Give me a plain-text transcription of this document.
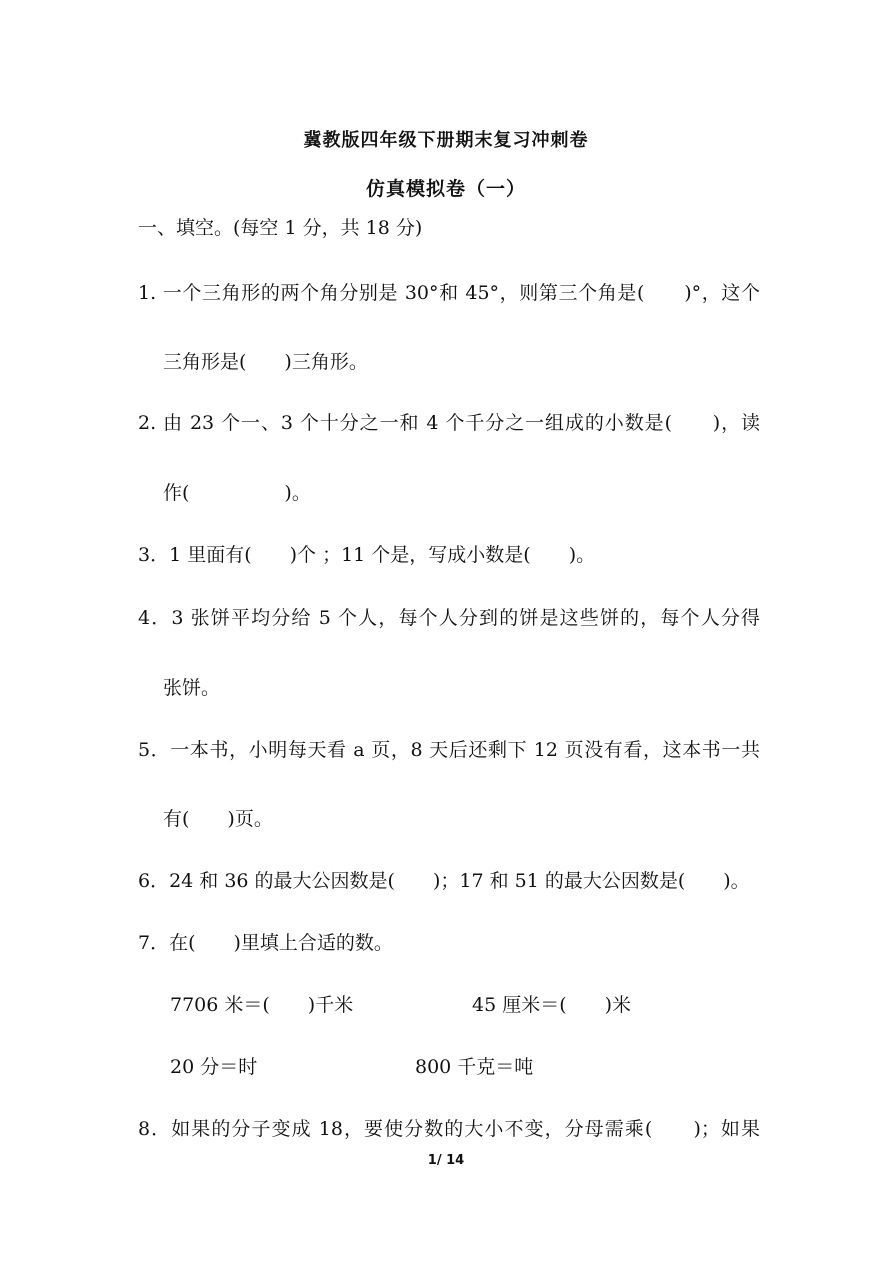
冀教版四年级下册期末复习冲刺卷
仿真模拟卷（一）
一、填空。(每空 1 分，共 18 分)
1. 一个三角形的两个角分别是 30°和 45°，则第三个角是(　　)°，这个
三角形是(　　)三角形。
2. 由 23 个一、3 个十分之一和 4 个千分之一组成的小数是(　　)，读
作(　　　　　)。
3．1 里面有(　　)个 ；11 个是，写成小数是(　　)。
4．3 张饼平均分给 5 个人，每个人分到的饼是这些饼的，每个人分得
张饼。
5．一本书，小明每天看 a 页，8 天后还剩下 12 页没有看，这本书一共
有(　　)页。
6．24 和 36 的最大公因数是(　　)；17 和 51 的最大公因数是(　　)。
7．在(　　)里填上合适的数。
7706 米＝(　　)千米	45 厘米＝(　　)米
20 分＝时	800 千克＝吨
8．如果的分子变成 18，要使分数的大小不变，分母需乘(　　)；如果
1/ 14
